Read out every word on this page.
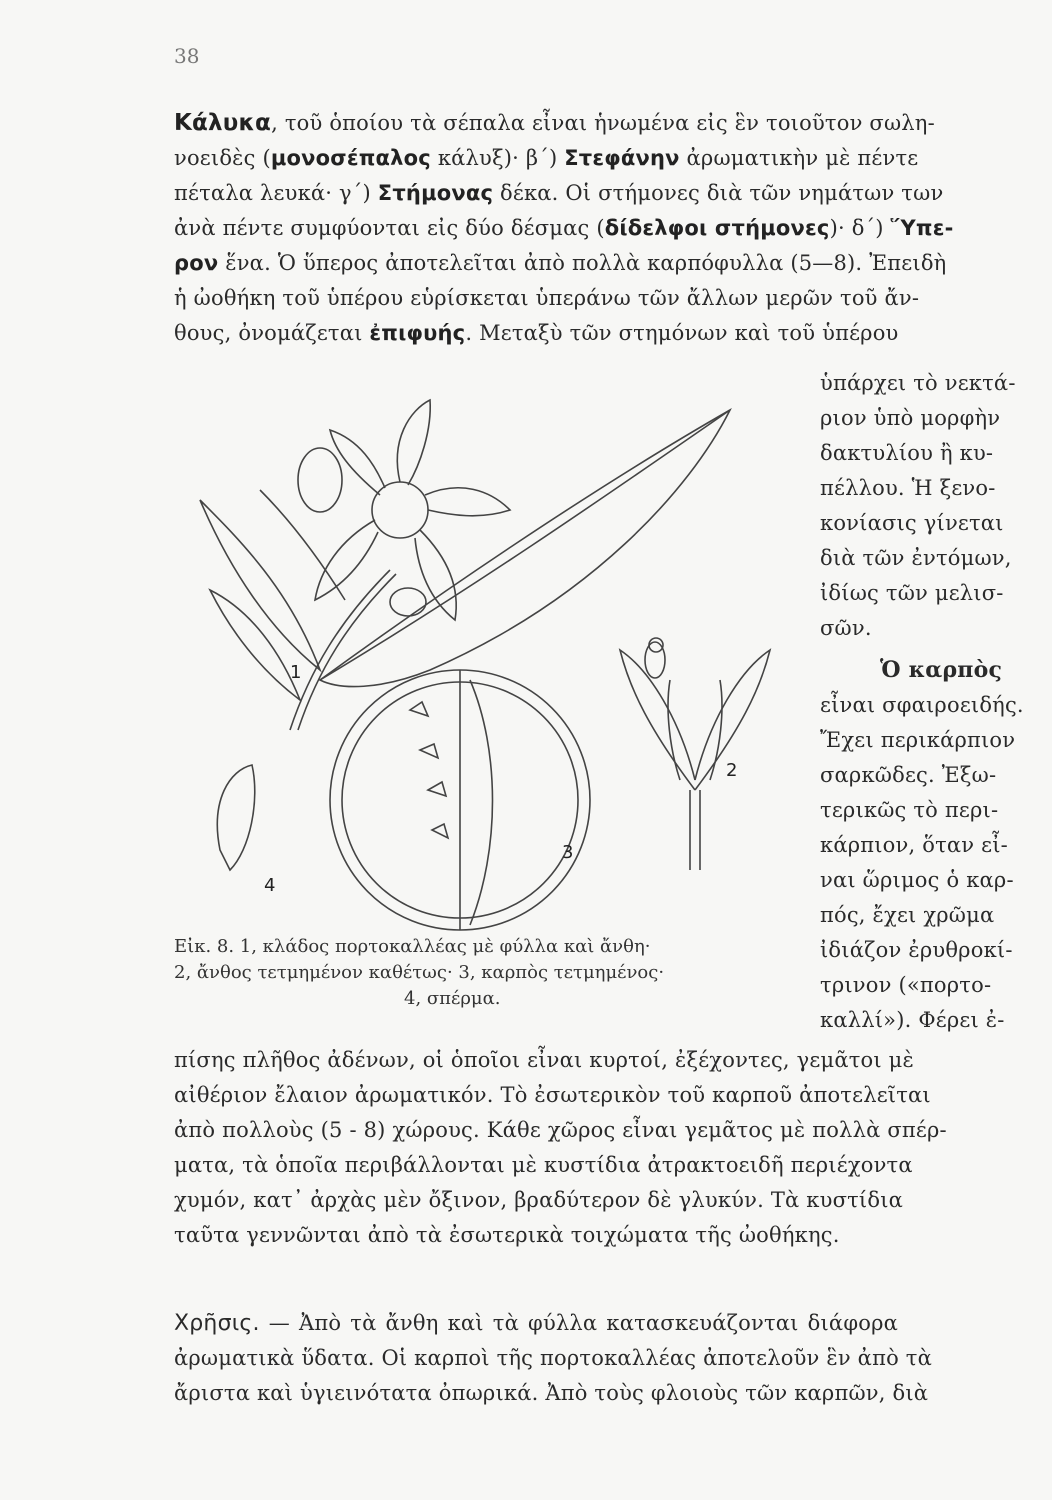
38
Κάλυκα, τοῦ ὁποίου τὰ σέπαλα εἶναι ἡνωμένα εἰς ἓν τοιοῦτον σωλη-
νοειδὲς (μονοσέπαλος κάλυξ)· β΄) Στεφάνην ἀρωματικὴν μὲ πέντε
πέταλα λευκά· γ΄) Στήμονας δέκα. Οἱ στήμονες διὰ τῶν νημάτων των
ἀνὰ πέντε συμφύονται εἰς δύο δέσμας (δίδελφοι στήμονες)· δ΄) Ὕπε-
ρον ἕνα. Ὁ ὕπερος ἀποτελεῖται ἀπὸ πολλὰ καρπόφυλλα (5—8). Ἐπειδὴ
ἡ ὠοθήκη τοῦ ὑπέρου εὑρίσκεται ὑπεράνω τῶν ἄλλων μερῶν τοῦ ἄν-
θους, ὀνομάζεται ἐπιφυής. Μεταξὺ τῶν στημόνων καὶ τοῦ ὑπέρου
ὑπάρχει τὸ νεκτά-
ριον ὑπὸ μορφὴν
δακτυλίου ἢ κυ-
πέλλου. Ἡ ξενο-
κονίασις γίνεται
διὰ τῶν ἐντόμων,
ἰδίως τῶν μελισ-
σῶν.
Ὁ καρπὸς
εἶναι σφαιροειδής.
Ἔχει περικάρπιον
σαρκῶδες. Ἐξω-
τερικῶς τὸ περι-
κάρπιον, ὅταν εἶ-
ναι ὥριμος ὁ καρ-
πός, ἔχει χρῶμα
ἰδιάζον ἐρυθροκί-
τρινον («πορτο-
καλλί»). Φέρει ἐ-
1
2
3
4
Εἰκ. 8. 1, κλάδος πορτοκαλλέας μὲ φύλλα καὶ ἄνθη·
2, ἄνθος τετμημένον καθέτως· 3, καρπὸς τετμημένος·
4, σπέρμα.
πίσης πλῆθος ἀδένων, οἱ ὁποῖοι εἶναι κυρτοί, ἐξέχοντες, γεμᾶτοι μὲ
αἰθέριον ἔλαιον ἀρωματικόν. Τὸ ἐσωτερικὸν τοῦ καρποῦ ἀποτελεῖται
ἀπὸ πολλοὺς (5 - 8) χώρους. Κάθε χῶρος εἶναι γεμᾶτος μὲ πολλὰ σπέρ-
ματα, τὰ ὁποῖα περιβάλλονται μὲ κυστίδια ἀτρακτοειδῆ περιέχοντα
χυμόν, κατ᾽ ἀρχὰς μὲν ὄξινον, βραδύτερον δὲ γλυκύν. Τὰ κυστίδια
ταῦτα γεννῶνται ἀπὸ τὰ ἐσωτερικὰ τοιχώματα τῆς ὠοθήκης.
Χρῆσις. — Ἀπὸ τὰ ἄνθη καὶ τὰ φύλλα κατασκευάζονται διάφορα
ἀρωματικὰ ὕδατα. Οἱ καρποὶ τῆς πορτοκαλλέας ἀποτελοῦν ἓν ἀπὸ τὰ
ἄριστα καὶ ὑγιεινότατα ὀπωρικά. Ἀπὸ τοὺς φλοιοὺς τῶν καρπῶν, διὰ
